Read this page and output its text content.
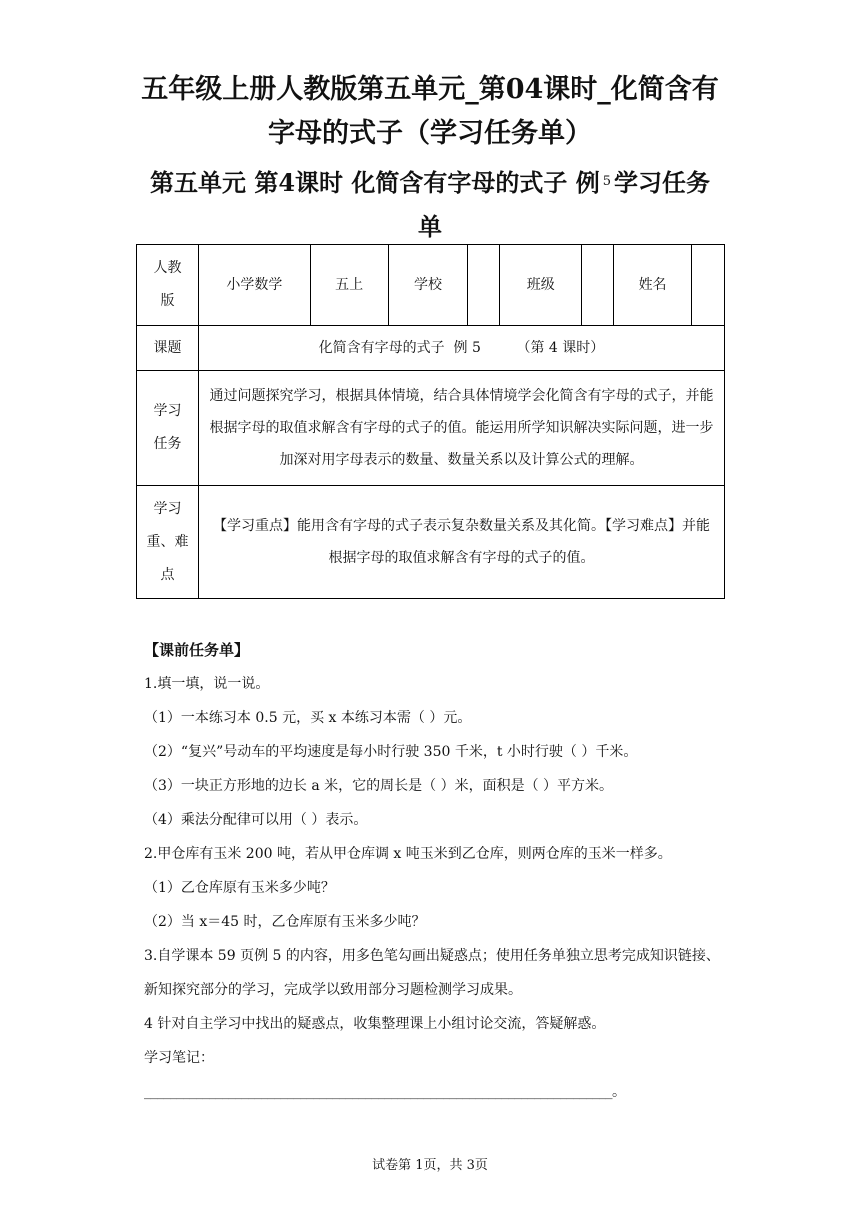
五年级上册人教版第五单元_第04课时_化简含有
字母的式子（学习任务单）
第五单元 第4课时 化简含有字母的式子 例 $^5$ 学习任务
单
人教版	小学数学	五上	学校		班级		姓名	
课题	化简含有字母的式子  例 5        （第 4 课时）							

学习
任务	通过问题探究学习，根据具体情境，结合具体情境学会化简含有字母的式子，并能根据字母的取值求解含有字母的式子的值。能运用所学知识解决实际问题，进一步加深对用字母表示的数量、数量关系以及计算公式的理解。							

学习
重、难
点	【学习重点】能用含有字母的式子表示复杂数量关系及其化简。【学习难点】并能根据字母的取值求解含有字母的式子的值。							
【课前任务单】
1.填一填，说一说。
（1）一本练习本 0.5 元，买 x 本练习本需（ ）元。
（2）“复兴”号动车的平均速度是每小时行驶 350 千米，t 小时行驶（ ）千米。
（3）一块正方形地的边长 a 米，它的周长是（ ）米，面积是（ ）平方米。
（4）乘法分配律可以用（ ）表示。
2.甲仓库有玉米 200 吨，若从甲仓库调 x 吨玉米到乙仓库，则两仓库的玉米一样多。
（1）乙仓库原有玉米多少吨？
（2）当 x＝45 时，乙仓库原有玉米多少吨？
3.自学课本 59 页例 5 的内容，用多色笔勾画出疑惑点；使用任务单独立思考完成知识链接、新知探究部分的学习，完成学以致用部分习题检测学习成果。
4 针对自主学习中找出的疑惑点，收集整理课上小组讨论交流，答疑解惑。
学习笔记：
________________________________________________________________________。
试卷第 1页，共 3页
